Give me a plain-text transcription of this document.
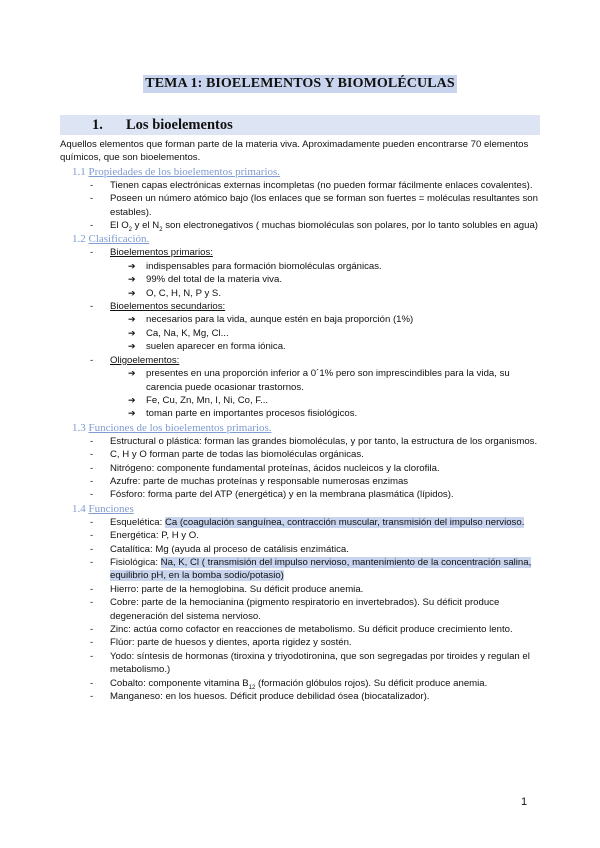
TEMA 1: BIOELEMENTOS Y BIOMOLÉCULAS
1. Los bioelementos

Aquellos elementos que forman parte de la materia viva. Aproximadamente pueden encontrarse 70 elementos químicos, que son bioelementos.

1.1 Propiedades de los bioelementos primarios.

- Tienen capas electrónicas externas incompletas (no pueden formar fácilmente enlaces covalentes).
- Poseen un número atómico bajo (los enlaces que se forman son fuertes = moléculas resultantes son estables).
- El $O_2$ y el $N_2$ son electronegativos ( muchas biomoléculas son polares, por lo tanto solubles en agua)

1.2 Clasificación.

- Bioelementos primarios:
➔ indispensables para formación biomoléculas orgánicas.
➔ 99% del total de la materia viva.
➔ O, C, H, N, P y S.
- Bioelementos secundarios:
➔ necesarios para la vida, aunque estén en baja proporción (1%)
➔ Ca, Na, K, Mg, Cl...
➔ suelen aparecer en forma iónica.
- Oligoelementos:
➔ presentes en una proporción inferior a 0´1% pero son imprescindibles para la vida, su carencia puede ocasionar trastornos.
➔ Fe, Cu, Zn, Mn, I, Ni, Co, F...
➔ toman parte en importantes procesos fisiológicos.

1.3 Funciones de los bioelementos primarios.

- Estructural o plástica: forman las grandes biomoléculas, y por tanto, la estructura de los organismos.
- C, H y O forman parte de todas las biomoléculas orgánicas.
- Nitrógeno: componente fundamental proteínas, ácidos nucleicos y la clorofila.
- Azufre: parte de muchas proteínas y responsable numerosas enzimas
- Fósforo: forma parte del ATP (energética) y en la membrana plasmática (lípidos).

1.4 Funciones

- Esquelética: Ca (coagulación sanguínea, contracción muscular, transmisión del impulso nervioso.
- Energética: P, H y O.
- Catalítica: Mg (ayuda al proceso de catálisis enzimática.
- Fisiológica: Na, K, Cl ( transmisión del impulso nervioso, mantenimiento de la concentración salina, equilibrio pH, en la bomba sodio/potasio)
- Hierro: parte de la hemoglobina. Su déficit produce anemia.
- Cobre: parte de la hemocianina (pigmento respiratorio en invertebrados). Su déficit produce degeneración del sistema nervioso.
- Zinc: actúa como cofactor en reacciones de metabolismo. Su déficit produce crecimiento lento.
- Flúor: parte de huesos y dientes, aporta rigidez y sostén.
- Yodo: síntesis de hormonas (tiroxina y triyodotironina, que son segregadas por tiroides y regulan el metabolismo.)
- Cobalto: componente vitamina $B_{12}$ (formación glóbulos rojos). Su déficit produce anemia.
- Manganeso: en los huesos. Déficit produce debilidad ósea (biocatalizador).
1
